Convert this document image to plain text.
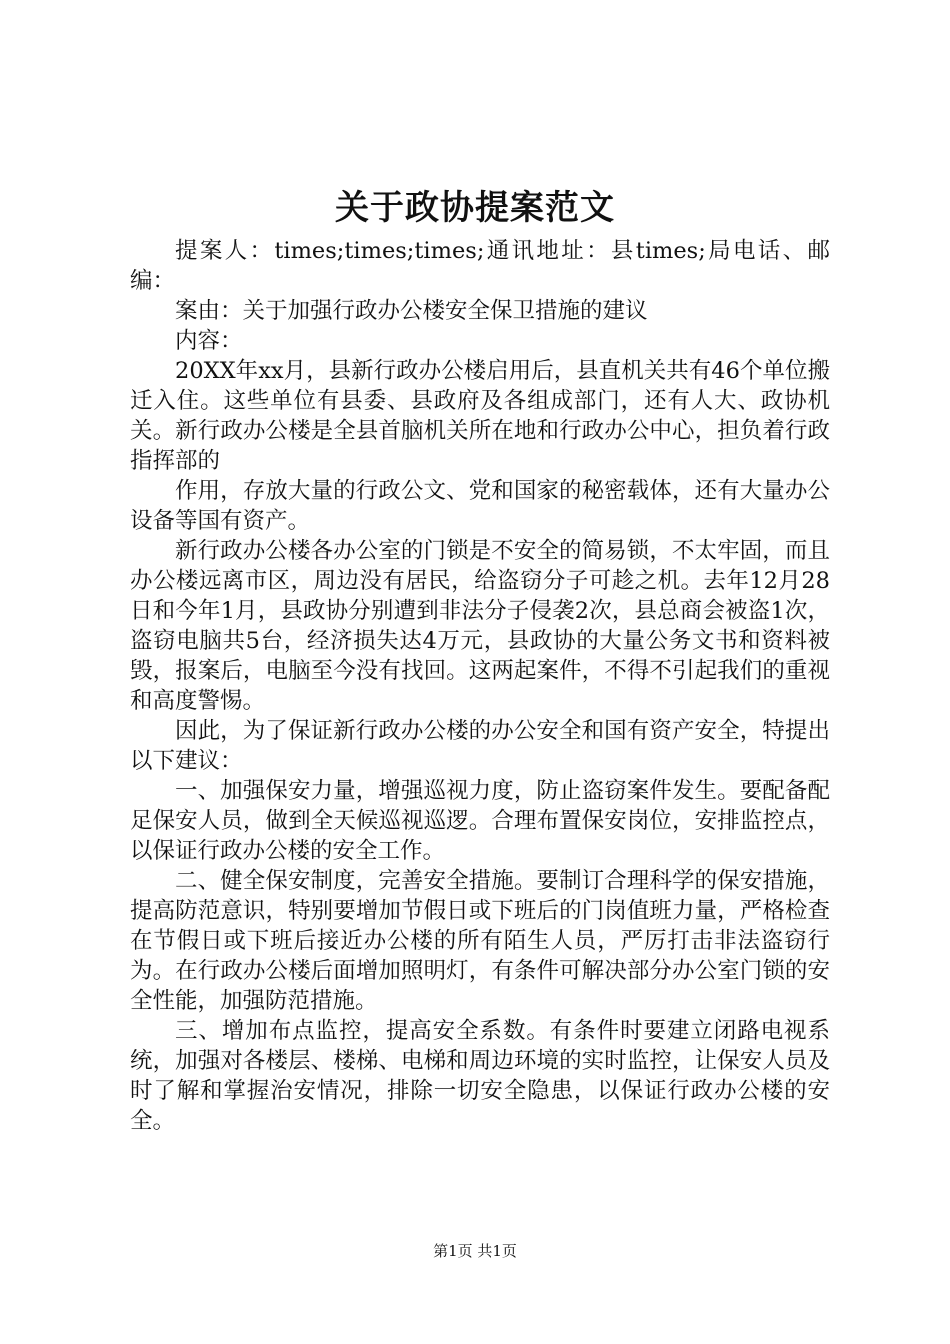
关于政协提案范文

提案人：times;times;times;通讯地址：县times;局电话、邮编：

案由：关于加强行政办公楼安全保卫措施的建议

内容：

20XX年xx月，县新行政办公楼启用后，县直机关共有46个单位搬迁入住。这些单位有县委、县政府及各组成部门，还有人大、政协机关。新行政办公楼是全县首脑机关所在地和行政办公中心，担负着行政指挥部的

作用，存放大量的行政公文、党和国家的秘密载体，还有大量办公设备等国有资产。

新行政办公楼各办公室的门锁是不安全的简易锁，不太牢固，而且办公楼远离市区，周边没有居民，给盗窃分子可趁之机。去年12月28日和今年1月，县政协分别遭到非法分子侵袭2次，县总商会被盗1次，盗窃电脑共5台，经济损失达4万元，县政协的大量公务文书和资料被毁，报案后，电脑至今没有找回。这两起案件，不得不引起我们的重视和高度警惕。

因此，为了保证新行政办公楼的办公安全和国有资产安全，特提出以下建议：

一、加强保安力量，增强巡视力度，防止盗窃案件发生。要配备配足保安人员，做到全天候巡视巡逻。合理布置保安岗位，安排监控点，以保证行政办公楼的安全工作。

二、健全保安制度，完善安全措施。要制订合理科学的保安措施，提高防范意识，特别要增加节假日或下班后的门岗值班力量，严格检查在节假日或下班后接近办公楼的所有陌生人员，严厉打击非法盗窃行为。在行政办公楼后面增加照明灯，有条件可解决部分办公室门锁的安全性能，加强防范措施。

三、增加布点监控，提高安全系数。有条件时要建立闭路电视系统，加强对各楼层、楼梯、电梯和周边环境的实时监控，让保安人员及时了解和掌握治安情况，排除一切安全隐患，以保证行政办公楼的安全。

第1页 共1页
